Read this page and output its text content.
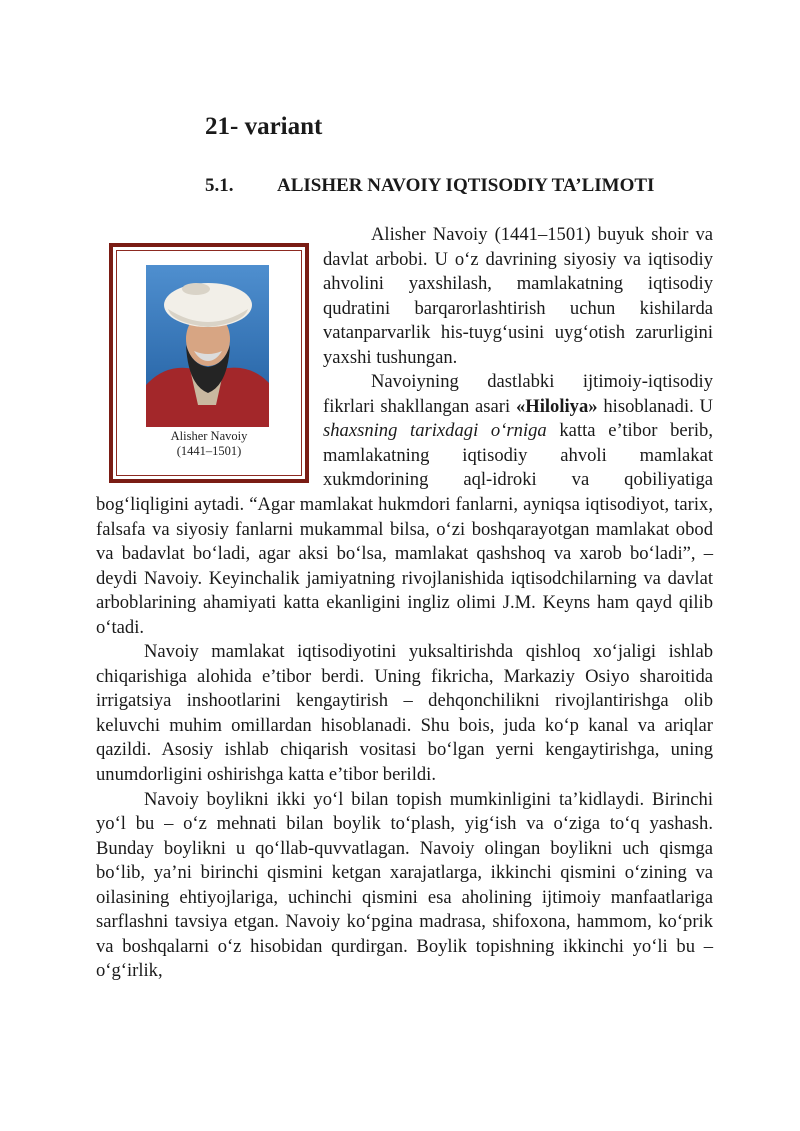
21- variant
5.1. ALISHER NAVOIY IQTISODIY TA’LIMOTI
Alisher Navoiy
(1441–1501)

Alisher Navoiy (1441–1501) buyuk shoir va davlat arbobi. U o‘z davrining siyosiy va iqtisodiy ahvolini yaxshilash, mamlakatning iqtisodiy qudratini barqarorlashtirish uchun kishilarda vatanparvarlik his-tuyg‘usini uyg‘otish zarurligini yaxshi tushungan.

Navoiyning dastlabki ijtimoiy-iqtisodiy fikrlari shakllangan asari «Hiloliya» hisoblanadi. U shaxsning tarixdagi o‘rniga katta e’tibor berib, mamlakatning iqtisodiy ahvoli mamlakat xukmdorining aql-idroki va qobiliyatiga bog‘liqligini aytadi. “Agar mamlakat hukmdori fanlarni, ayniqsa iqtisodiyot, tarix, falsafa va siyosiy fanlarni mukammal bilsa, o‘zi boshqarayotgan mamlakat obod va badavlat bo‘ladi, agar aksi bo‘lsa, mamlakat qashshoq va xarob bo‘ladi”, – deydi Navoiy. Keyinchalik jamiyatning rivojlanishida iqtisodchilarning va davlat arboblarining ahamiyati katta ekanligini ingliz olimi J.M. Keyns ham qayd qilib o‘tadi.

Navoiy mamlakat iqtisodiyotini yuksaltirishda qishloq xo‘jaligi ishlab chiqarishiga alohida e’tibor berdi. Uning fikricha, Markaziy Osiyo sharoitida irrigatsiya inshootlarini kengaytirish – dehqonchilikni rivojlantirishga olib keluvchi muhim omillardan hisoblanadi. Shu bois, juda ko‘p kanal va ariqlar qazildi. Asosiy ishlab chiqarish vositasi bo‘lgan yerni kengaytirishga, uning unumdorligini oshirishga katta e’tibor berildi.

Navoiy boylikni ikki yo‘l bilan topish mumkinligini ta’kidlaydi. Birinchi yo‘l bu – o‘z mehnati bilan boylik to‘plash, yig‘ish va o‘ziga to‘q yashash. Bunday boylikni u qo‘llab-quvvatlagan. Navoiy olingan boylikni uch qismga bo‘lib, ya’ni birinchi qismini ketgan xarajatlarga, ikkinchi qismini o‘zining va oilasining ehtiyojlariga, uchinchi qismini esa aholining ijtimoiy manfaatlariga sarflashni tavsiya etgan. Navoiy ko‘pgina madrasa, shifoxona, hammom, ko‘prik va boshqalarni o‘z hisobidan qurdirgan. Boylik topishning ikkinchi yo‘li bu – o‘g‘irlik,
